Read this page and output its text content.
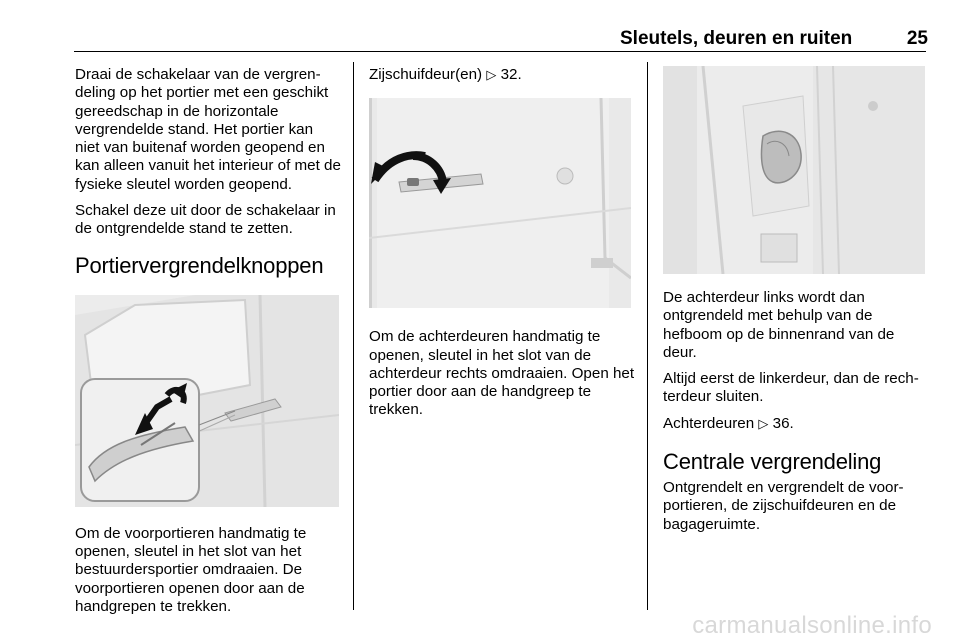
Sleutels, deuren en ruiten	25

Draai de schakelaar van de vergren-deling op het portier met een geschikt gereedschap in de horizontale vergrendelde stand. Het portier kan niet van buitenaf worden geopend en kan alleen vanuit het interieur of met de fysieke sleutel worden geopend.

Schakel deze uit door de schakelaar in de ontgrendelde stand te zetten.

Portiervergrendelknoppen

Om de voorportieren handmatig te openen, sleutel in het slot van het bestuurdersportier omdraaien. De voorportieren openen door aan de handgrepen te trekken.

Zijschuifdeur(en) ▷ 32.

Om de achterdeuren handmatig te openen, sleutel in het slot van de achterdeur rechts omdraaien. Open het portier door aan de handgreep te trekken.

De achterdeur links wordt dan ontgrendeld met behulp van de hefboom op de binnenrand van de deur.

Altijd eerst de linkerdeur, dan de rech-terdeur sluiten.

Achterdeuren ▷ 36.

Centrale vergrendeling

Ontgrendelt en vergrendelt de voor-portieren, de zijschuifdeuren en de bagageruimte.

carmanualsonline.info
